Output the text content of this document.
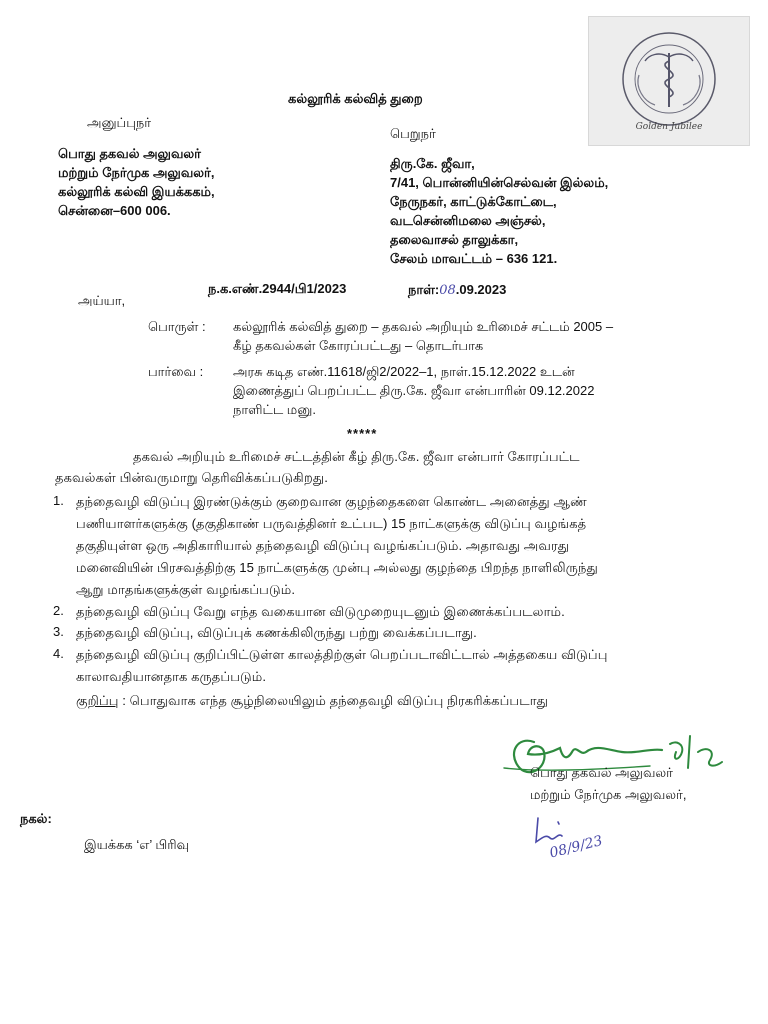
Golden Jubilee
கல்லூரிக் கல்வித் துறை
அனுப்புநர்
பொது தகவல் அலுவலர்
மற்றும் நேர்முக அலுவலர்,
கல்லூரிக் கல்வி இயக்ககம்,
சென்னை–600 006.
பெறுநர்
திரு.கே. ஜீவா,
7/41, பொன்னியின்செல்வன் இல்லம்,
நேருநகர், காட்டுக்கோட்டை,
வடசென்னிமலை அஞ்சல்,
தலைவாசல் தாலுக்கா,
சேலம் மாவட்டம் – 636 121.
ந.க.எண்.2944/பி1/2023	நாள்:08.09.2023
அய்யா,
பொருள் : கல்லூரிக் கல்வித் துறை – தகவல் அறியும் உரிமைச் சட்டம் 2005 –
கீழ் தகவல்கள் கோரப்பட்டது – தொடர்பாக
பார்வை : அரசு கடித எண்.11618/ஜி2/2022–1, நாள்.15.12.2022 உடன்
இணைத்துப் பெறப்பட்ட திரு.கே. ஜீவா என்பாரின் 09.12.2022
நாளிட்ட மனு.
*****
தகவல் அறியும் உரிமைச் சட்டத்தின் கீழ் திரு.கே. ஜீவா என்பார் கோரப்பட்ட
தகவல்கள் பின்வருமாறு தெரிவிக்கப்படுகிறது.
1. தந்தைவழி விடுப்பு இரண்டுக்கும் குறைவான குழந்தைகளை கொண்ட அனைத்து ஆண்
பணியாளர்களுக்கு (தகுதிகாண் பருவத்தினர் உட்பட) 15 நாட்களுக்கு விடுப்பு வழங்கத்
தகுதியுள்ள ஒரு அதிகாரியால் தந்தைவழி விடுப்பு வழங்கப்படும். அதாவது அவரது
மனைவியின் பிரசவத்திற்கு 15 நாட்களுக்கு முன்பு அல்லது குழந்தை பிறந்த நாளிலிருந்து
ஆறு மாதங்களுக்குள் வழங்கப்படும்.
2. தந்தைவழி விடுப்பு வேறு எந்த வகையான விடுமுறையுடனும் இணைக்கப்படலாம்.
3. தந்தைவழி விடுப்பு, விடுப்புக் கணக்கிலிருந்து பற்று வைக்கப்படாது.
4. தந்தைவழி விடுப்பு குறிப்பிட்டுள்ள காலத்திற்குள் பெறப்படாவிட்டால் அத்தகைய விடுப்பு
காலாவதியானதாக கருதப்படும்.
குறிப்பு : பொதுவாக எந்த சூழ்நிலையிலும் தந்தைவழி விடுப்பு நிரகரிக்கப்படாது
பொது தகவல் அலுவலர்
மற்றும் நேர்முக அலுவலர்,
நகல்:
இயக்கக ‘எ’ பிரிவு	08/9/23
